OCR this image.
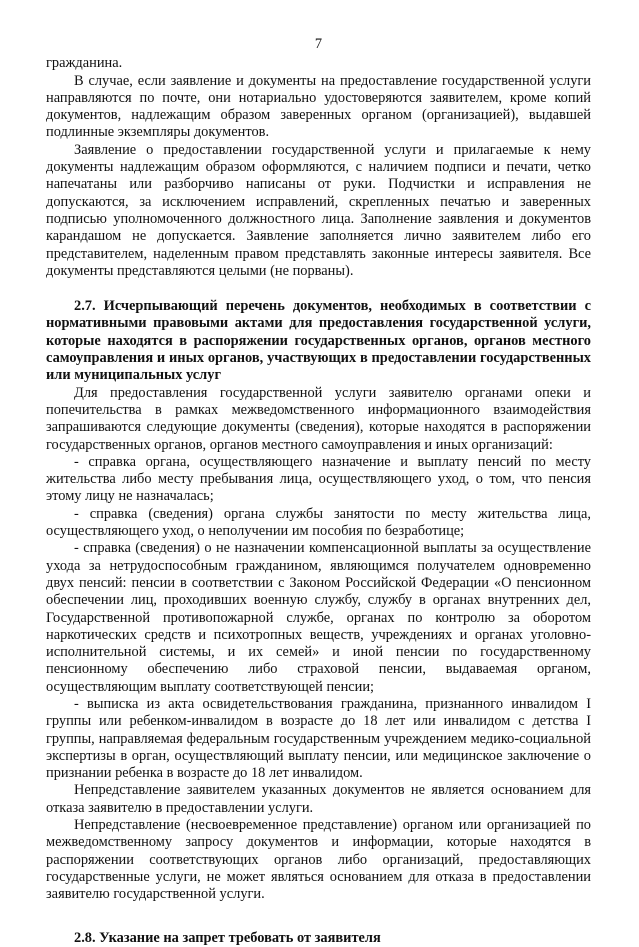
7

гражданина.

В случае, если заявление и документы на предоставление государственной услуги направляются по почте, они нотариально удостоверяются заявителем, кроме копий документов, надлежащим образом заверенных органом (организацией), выдавшей подлинные экземпляры документов.

Заявление о предоставлении государственной услуги и прилагаемые к нему документы надлежащим образом оформляются, с наличием подписи и печати, четко напечатаны или разборчиво написаны от руки. Подчистки и исправления не допускаются, за исключением исправлений, скрепленных печатью и заверенных подписью уполномоченного должностного лица. Заполнение заявления и документов карандашом не допускается. Заявление заполняется лично заявителем либо его представителем, наделенным правом представлять законные интересы заявителя. Все документы представляются целыми (не порваны).

2.7. Исчерпывающий перечень документов, необходимых в соответствии с нормативными правовыми актами для предоставления государственной услуги, которые находятся в распоряжении государственных органов, органов местного самоуправления и иных органов, участвующих в предоставлении государственных или муниципальных услуг

Для предоставления государственной услуги заявителю органами опеки и попечительства в рамках межведомственного информационного взаимодействия запрашиваются следующие документы (сведения), которые находятся в распоряжении государственных органов, органов местного самоуправления и иных организаций:

- справка органа, осуществляющего назначение и выплату пенсий по месту жительства либо месту пребывания лица, осуществляющего уход, о том, что пенсия этому лицу не назначалась;

- справка (сведения) органа службы занятости по месту жительства лица, осуществляющего уход, о неполучении им пособия по безработице;

- справка (сведения) о не назначении компенсационной выплаты за осуществление ухода за нетрудоспособным гражданином, являющимся получателем одновременно двух пенсий: пенсии в соответствии с Законом Российской Федерации «О пенсионном обеспечении лиц, проходивших военную службу, службу в органах внутренних дел, Государственной противопожарной службе, органах по контролю за оборотом наркотических средств и психотропных веществ, учреждениях и органах уголовно-исполнительной системы, и их семей» и иной пенсии по государственному пенсионному обеспечению либо страховой пенсии, выдаваемая органом, осуществляющим выплату соответствующей пенсии;

- выписка из акта освидетельствования гражданина, признанного инвалидом I группы или ребенком-инвалидом в возрасте до 18 лет или инвалидом с детства I группы, направляемая федеральным государственным учреждением медико-социальной экспертизы в орган, осуществляющий выплату пенсии, или медицинское заключение о признании ребенка в возрасте до 18 лет инвалидом.

Непредставление заявителем указанных документов не является основанием для отказа заявителю в предоставлении услуги.

Непредставление (несвоевременное представление) органом или организацией по межведомственному запросу документов и информации, которые находятся в распоряжении соответствующих органов либо организаций, предоставляющих государственные услуги, не может являться основанием для отказа в предоставлении заявителю государственной услуги.

2.8. Указание на запрет требовать от заявителя
